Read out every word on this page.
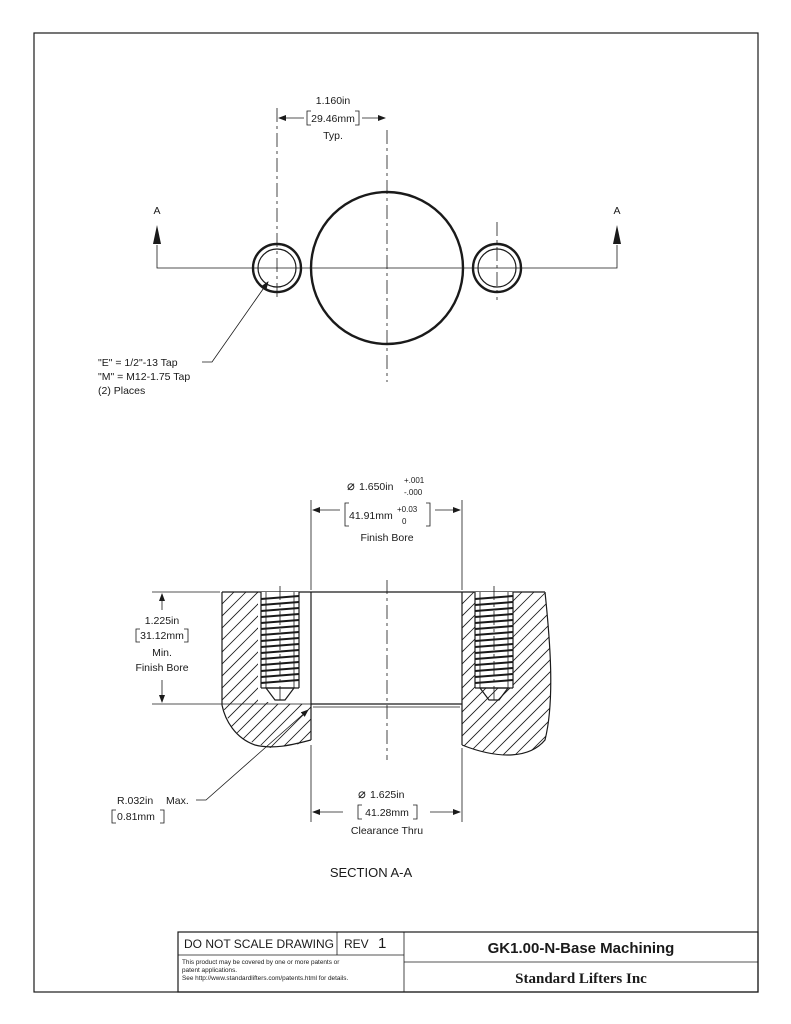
A	A
1.160in
29.46mm
Typ.
"E" = 1/2"-13 Tap
"M" = M12-1.75 Tap
(2) Places
⌀ 1.650in
+.001
-.000
41.91mm
+0.03
0
Finish Bore
1.225in
31.12mm
Min.
Finish Bore
R.032in Max.
0.81mm
⌀ 1.625in
41.28mm
Clearance Thru
SECTION A-A
DO NOT SCALE DRAWING REV 1
This product may be covered by one or more patents or
patent applications.
See http://www.standardlifters.com/patents.html for details.
GK1.00-N-Base Machining
Standard Lifters Inc
